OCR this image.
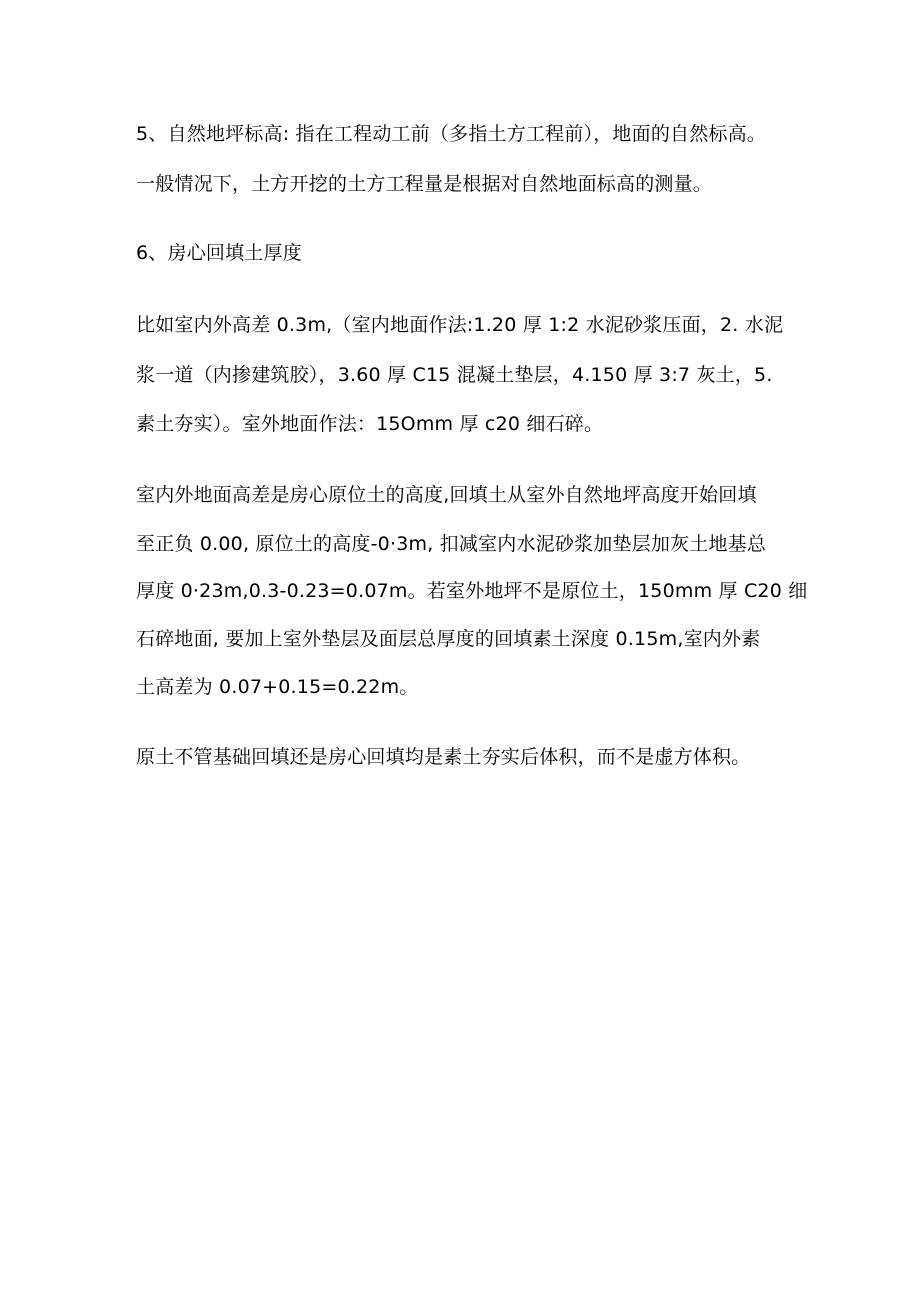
5、自然地坪标高: 指在工程动工前（多指土方工程前），地面的自然标高。
一般情况下，土方开挖的土方工程量是根据对自然地面标高的测量。
6、房心回填土厚度
比如室内外高差 0.3m,（室内地面作法:1.20 厚 1:2 水泥砂浆压面，2. 水泥
浆一道（内掺建筑胶），3.60 厚 C15 混凝土垫层，4.150 厚 3:7 灰土，5.
素土夯实）。室外地面作法：15Omm 厚 c20 细石碎。
室内外地面高差是房心原位土的高度,回填土从室外自然地坪高度开始回填
至正负 0.00, 原位土的高度-0·3m, 扣减室内水泥砂浆加垫层加灰土地基总
厚度 0·23m,0.3-0.23=0.07m。若室外地坪不是原位土，150mm 厚 C20 细
石碎地面, 要加上室外垫层及面层总厚度的回填素土深度 0.15m,室内外素
土高差为 0.07+0.15=0.22m。
原土不管基础回填还是房心回填均是素土夯实后体积，而不是虚方体积。
